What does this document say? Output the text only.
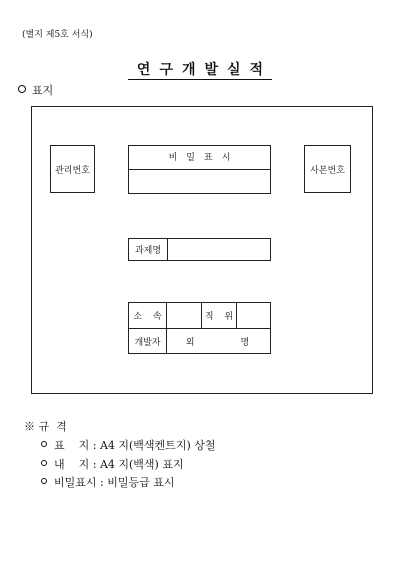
(별지 제5호 서식)
연구개발실적
표지
관리번호	사본번호
비밀표시
과제명
소 속	직 위
개발자	외	명
※ 규  격
표    지 : A4 지(백색켄트지) 상철
내    지 : A4 지(백색) 표지
비밀표시 : 비밀등급 표시
